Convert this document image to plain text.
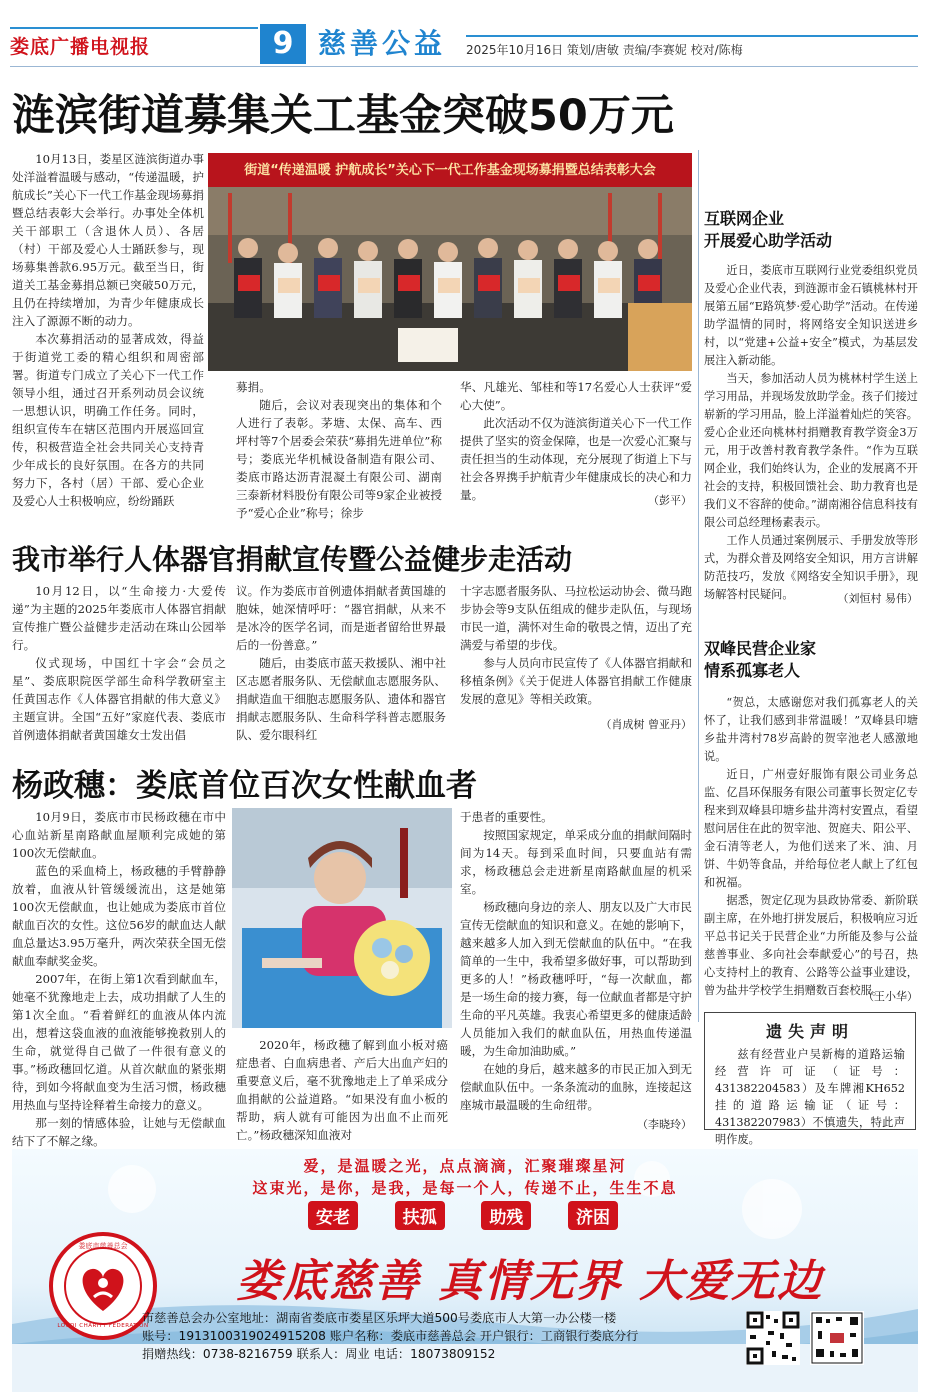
娄底广播电视报	9 慈善公益 2025年10月16日 策划/唐敏 责编/李赛妮 校对/陈梅
涟滨街道募集关工基金突破50万元

10月13日，娄星区涟滨街道办事处洋溢着温暖与感动，“传递温暖，护航成长”关心下一代工作基金现场募捐暨总结表彰大会举行。办事处全体机关干部职工（含退休人员）、各居（村）干部及爱心人士踊跃参与，现场募集善款6.95万元。截至当日，街道关工基金募捐总额已突破50万元，且仍在持续增加，为青少年健康成长注入了源源不断的动力。

本次募捐活动的显著成效，得益于街道党工委的精心组织和周密部署。街道专门成立了关心下一代工作领导小组，通过召开系列动员会议统一思想认识，明确工作任务。同时，组织宣传车在辖区范围内开展巡回宣传，积极营造全社会共同关心支持青少年成长的良好氛围。在各方的共同努力下，各村（居）干部、爱心企业及爱心人士积极响应，纷纷踊跃

街道“传递温暖 护航成长”关心下一代工作基金现场募捐暨总结表彰大会

募捐。

随后，会议对表现突出的集体和个人进行了表彰。茅塘、太保、高车、西坪村等7个居委会荣获“募捐先进单位”称号；娄底光华机械设备制造有限公司、娄底市路达沥青混凝土有限公司、湖南三泰新材料股份有限公司等9家企业被授予“爱心企业”称号；徐步

华、凡雄光、邹桂和等17名爱心人士获评“爱心大使”。

此次活动不仅为涟滨街道关心下一代工作提供了坚实的资金保障，也是一次爱心汇聚与责任担当的生动体现，充分展现了街道上下与社会各界携手护航青少年健康成长的决心和力量。	（彭平）
我市举行人体器官捐献宣传暨公益健步走活动

10月12日，以“生命接力·大爱传递”为主题的2025年娄底市人体器官捐献宣传推广暨公益健步走活动在珠山公园举行。

仪式现场，中国红十字会“会员之星”、娄底职院医学部生命科学教研室主任黄国志作《人体器官捐献的伟大意义》主题宣讲。全国“五好”家庭代表、娄底市首例遗体捐献者黄国雄女士发出倡

议。作为娄底市首例遗体捐献者黄国雄的胞妹，她深情呼吁：“器官捐献，从来不是冰冷的医学名词，而是逝者留给世界最后的一份善意。”

随后，由娄底市蓝天救援队、湘中社区志愿者服务队、无偿献血志愿服务队、捐献造血干细胞志愿服务队、遗体和器官捐献志愿服务队、生命科学科普志愿服务队、爱尔眼科红

十字志愿者服务队、马拉松运动协会、微马跑步协会等9支队伍组成的健步走队伍，与现场市民一道，满怀对生命的敬畏之情，迈出了充满爱与希望的步伐。

参与人员向市民宣传了《人体器官捐献和移植条例》《关于促进人体器官捐献工作健康发展的意见》等相关政策。

（肖成树 曾亚丹）
杨政穗：娄底首位百次女性献血者

10月9日，娄底市市民杨政穗在市中心血站新星南路献血屋顺利完成她的第100次无偿献血。

蓝色的采血椅上，杨政穗的手臂静静放着，血液从针管缓缓流出，这是她第100次无偿献血，也让她成为娄底市首位献血百次的女性。这位56岁的献血达人献血总量达3.95万毫升，两次荣获全国无偿献血奉献奖金奖。

2007年，在街上第1次看到献血车，她毫不犹豫地走上去，成功捐献了人生的第1次全血。“看着鲜红的血液从体内流出，想着这袋血液的血液能够挽救别人的生命，就觉得自己做了一件很有意义的事。”杨政穗回忆道。从首次献血的紧张期待，到如今将献血变为生活习惯，杨政穗用热血与坚持诠释着生命接力的意义。

那一刻的情感体验，让她与无偿献血结下了不解之缘。

2020年，杨政穗了解到血小板对癌症患者、白血病患者、产后大出血产妇的重要意义后，毫不犹豫地走上了单采成分血捐献的公益道路。“如果没有血小板的帮助，病人就有可能因为出血不止而死亡。”杨政穗深知血液对

于患者的重要性。

按照国家规定，单采成分血的捐献间隔时间为14天。每到采血时间，只要血站有需求，杨政穗总会走进新星南路献血屋的机采室。

杨政穗向身边的亲人、朋友以及广大市民宣传无偿献血的知识和意义。在她的影响下，越来越多人加入到无偿献血的队伍中。“在我简单的一生中，我希望多做好事，可以帮助到更多的人！”杨政穗呼吁，“每一次献血，都是一场生命的接力赛，每一位献血者都是守护生命的平凡英雄。我衷心希望更多的健康适龄人员能加入我们的献血队伍，用热血传递温暖，为生命加油助威。”

在她的身后，越来越多的市民正加入到无偿献血队伍中。一条条流动的血脉，连接起这座城市最温暖的生命纽带。

（李晓玲）
互联网企业
开展爱心助学活动

近日，娄底市互联网行业党委组织党员及爱心企业代表，到涟源市金石镇桃林村开展第五届“E路筑梦·爱心助学”活动。在传递助学温情的同时，将网络安全知识送进乡村，以“党建+公益+安全”模式，为基层发展注入新动能。

当天，参加活动人员为桃林村学生送上学习用品，并现场发放助学金。孩子们接过崭新的学习用品，脸上洋溢着灿烂的笑容。爱心企业还向桃林村捐赠教育教学资金3万元，用于改善村教育教学条件。“作为互联网企业，我们始终认为，企业的发展离不开社会的支持，积极回馈社会、助力教育也是我们义不容辞的使命。”湖南湘谷信息科技有限公司总经理杨素表示。

工作人员通过案例展示、手册发放等形式，为群众普及网络安全知识，用方言讲解防范技巧，发放《网络安全知识手册》，现场解答村民疑问。	（刘恒村 易伟）
双峰民营企业家
情系孤寡老人

“贺总，太感谢您对我们孤寡老人的关怀了，让我们感到非常温暖！”双峰县印塘乡盐井湾村78岁高龄的贺宰池老人感激地说。

近日，广州壹好服饰有限公司业务总监、亿昌环保服务有限公司董事长贺定亿专程来到双峰县印塘乡盐井湾村安置点，看望慰问居住在此的贺宰池、贺庭夫、阳公平、金石清等老人，为他们送来了米、油、月饼、牛奶等食品，并给每位老人献上了红包和祝福。

据悉，贺定亿现为县政协常委、新阶联副主席，在外地打拼发展后，积极响应习近平总书记关于民营企业“力所能及参与公益慈善事业、多向社会奉献爱心”的号召，热心支持村上的教育、公路等公益事业建设，曾为盐井学校学生捐赠数百套校服。

（王小华）
遗失声明
兹有经营业户吴新梅的道路运输经营许可证（证号：431382204583）及车牌湘KH652挂的道路运输证（证号：431382207983）不慎遗失，特此声明作废。
爱，是温暖之光，点点滴滴，汇聚璀璨星河
这束光，是你，是我，是每一个人，传递不止，生生不息
安老	扶孤	助残	济困
娄底市慈善总会
LOUDI CHARITY FEDERATION
娄底慈善 真情无界 大爱无边
市慈善总会办公室地址：湖南省娄底市娄星区乐坪大道500号娄底市人大第一办公楼一楼
账号：1913100319024915208 账户名称：娄底市慈善总会 开户银行：工商银行娄底分行
捐赠热线：0738-8216759 联系人：周业 电话：18073809152
